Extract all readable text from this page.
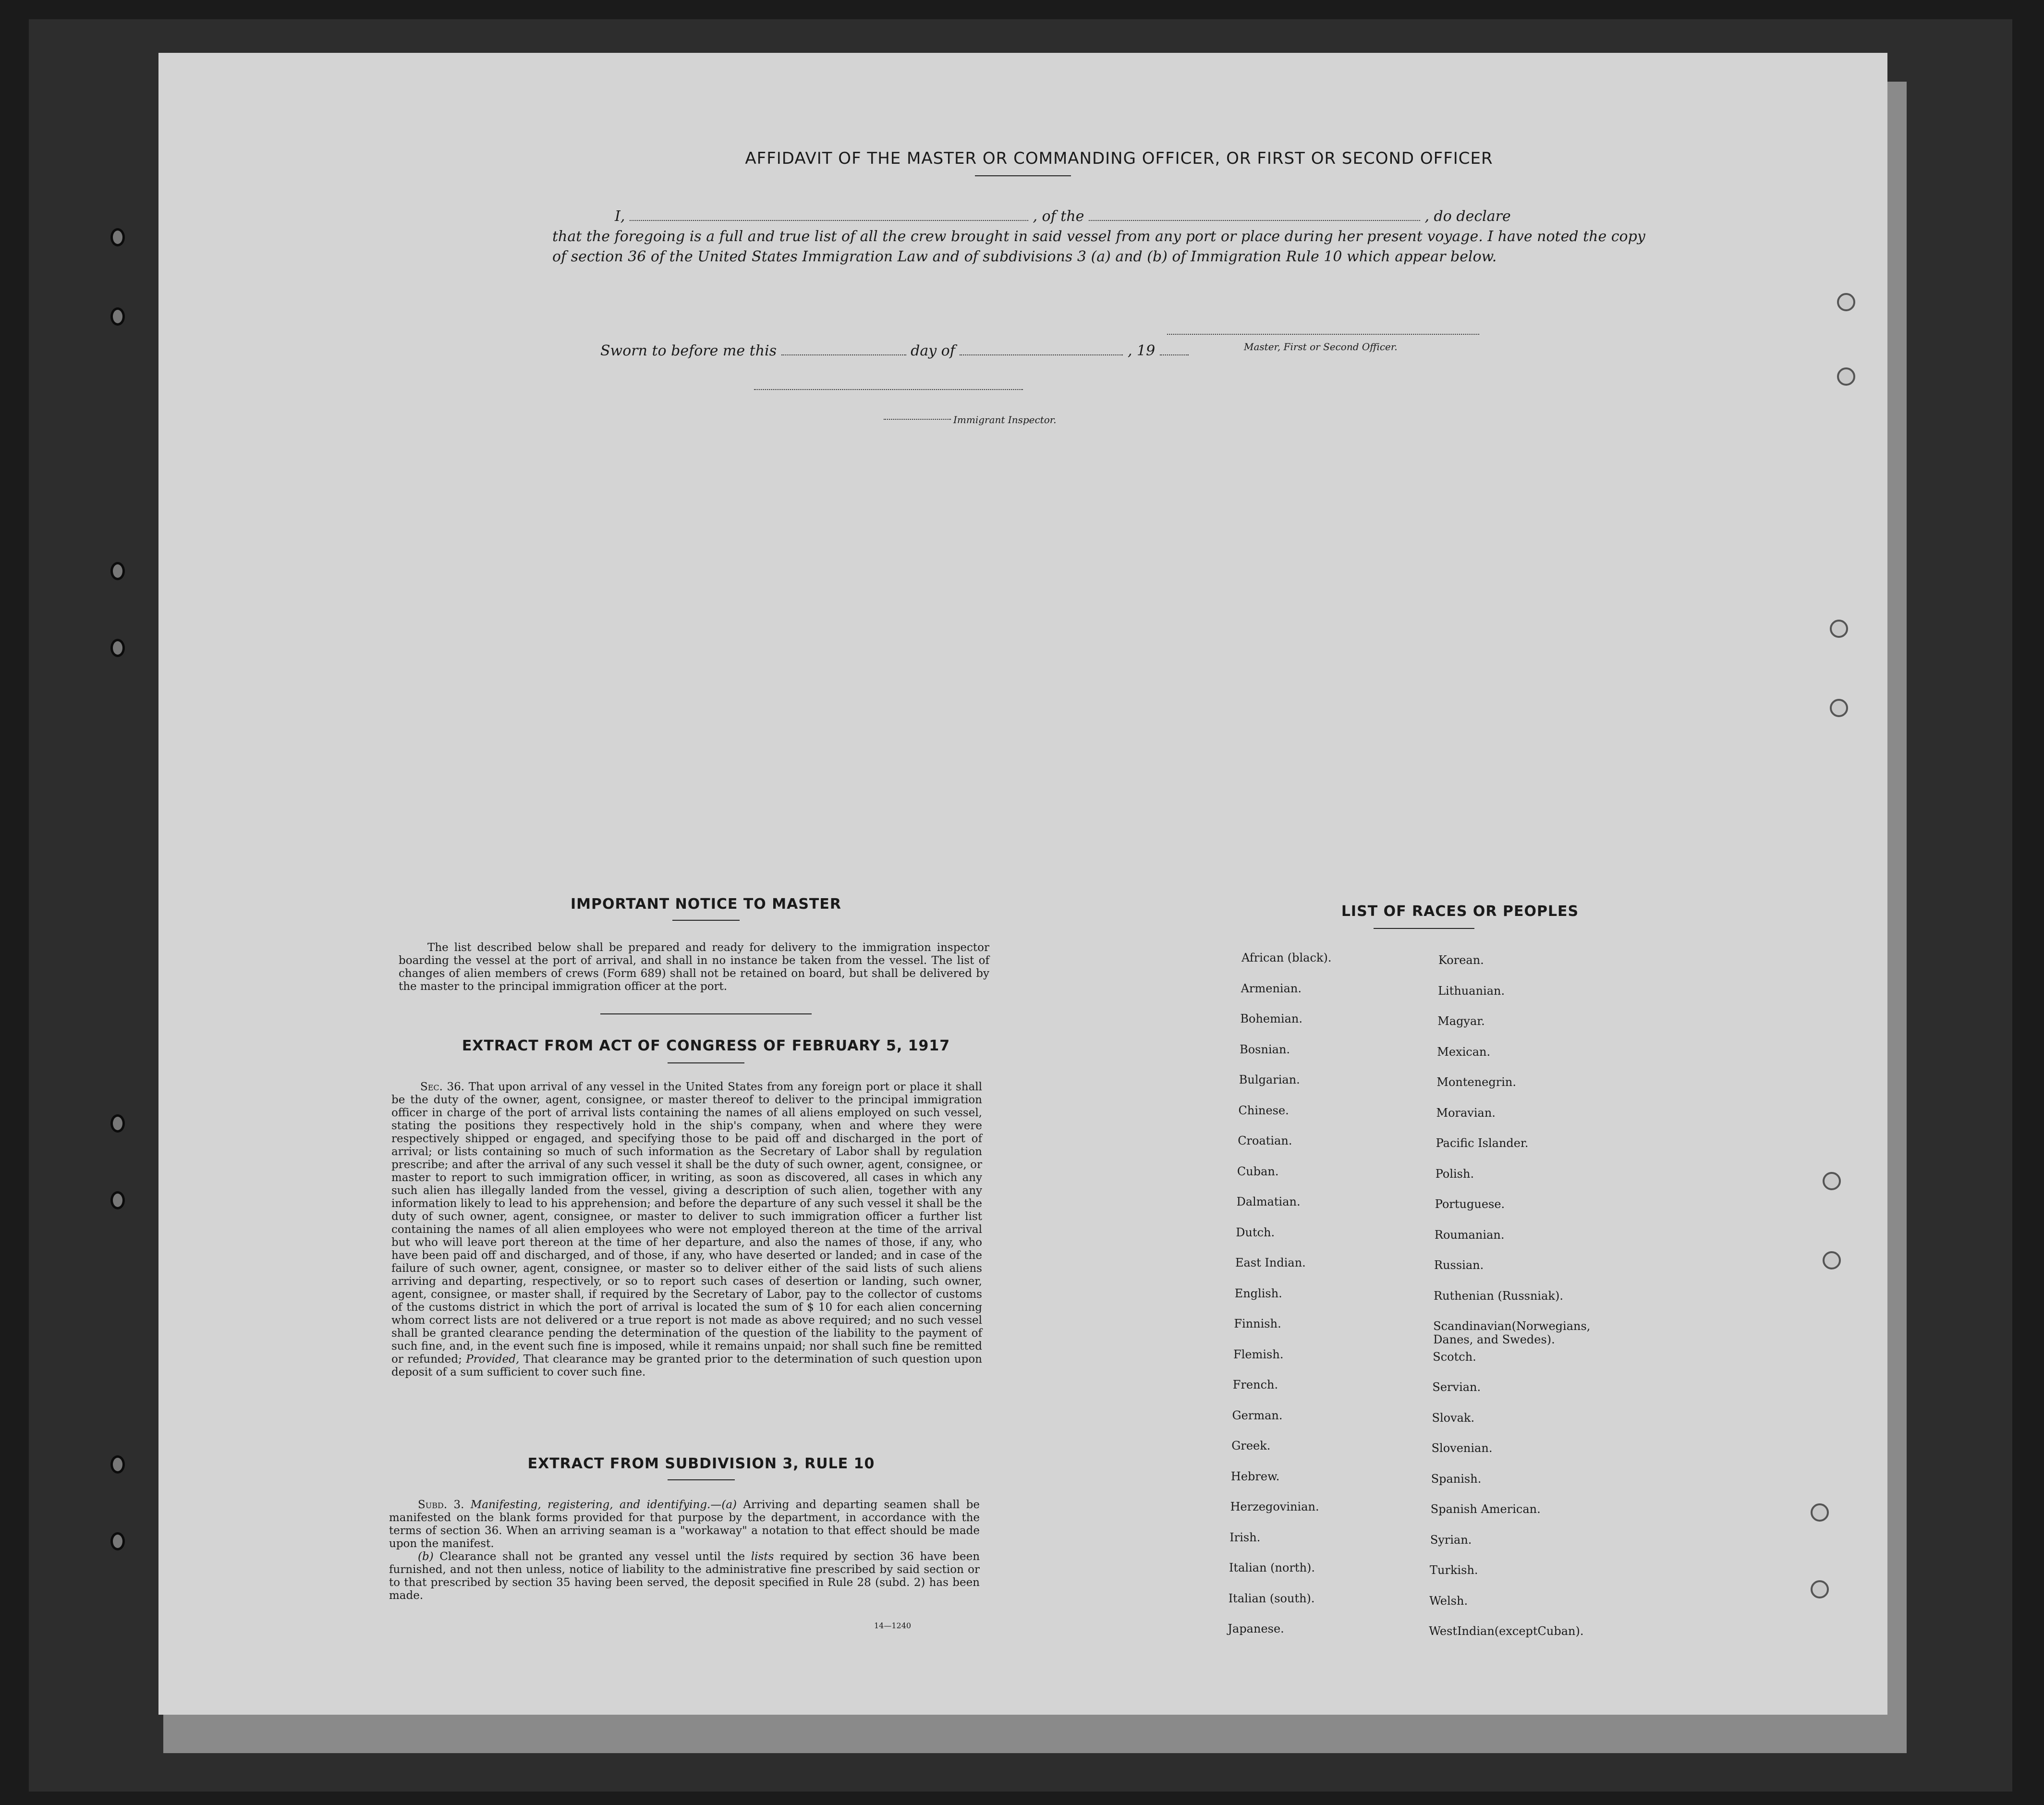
AFFIDAVIT OF THE MASTER OR COMMANDING OFFICER, OR FIRST OR SECOND OFFICER
I,	, of the	, do declare
that the foregoing is a full and true list of all the crew brought in said vessel from any port or place during her present voyage. I have noted the copy of section 36 of the United States Immigration Law and of subdivisions 3 (a) and (b) of Immigration Rule 10 which appear below.
Master, First or Second Officer.
Sworn to before me this	day of	, 19
Immigrant Inspector.
IMPORTANT NOTICE TO MASTER
The list described below shall be prepared and ready for delivery to the immigration inspector boarding the vessel at the port of arrival, and shall in no instance be taken from the vessel. The list of changes of alien members of crews (Form 689) shall not be retained on board, but shall be delivered by the master to the principal immigration officer at the port.
EXTRACT FROM ACT OF CONGRESS OF FEBRUARY 5, 1917
Sec. 36. That upon arrival of any vessel in the United States from any foreign port or place it shall be the duty of the owner, agent, consignee, or master thereof to deliver to the principal immigration officer in charge of the port of arrival lists containing the names of all aliens employed on such vessel, stating the positions they respectively hold in the ship's company, when and where they were respectively shipped or engaged, and specifying those to be paid off and discharged in the port of arrival; or lists containing so much of such information as the Secretary of Labor shall by regulation prescribe; and after the arrival of any such vessel it shall be the duty of such owner, agent, consignee, or master to report to such immigration officer, in writing, as soon as discovered, all cases in which any such alien has illegally landed from the vessel, giving a description of such alien, together with any information likely to lead to his apprehension; and before the departure of any such vessel it shall be the duty of such owner, agent, consignee, or master to deliver to such immigration officer a further list containing the names of all alien employees who were not employed thereon at the time of the arrival but who will leave port thereon at the time of her departure, and also the names of those, if any, who have been paid off and discharged, and of those, if any, who have deserted or landed; and in case of the failure of such owner, agent, consignee, or master so to deliver either of the said lists of such aliens arriving and departing, respectively, or so to report such cases of desertion or landing, such owner, agent, consignee, or master shall, if required by the Secretary of Labor, pay to the collector of customs of the customs district in which the port of arrival is located the sum of $ 10 for each alien concerning whom correct lists are not delivered or a true report is not made as above required; and no such vessel shall be granted clearance pending the determination of the question of the liability to the payment of such fine, and, in the event such fine is imposed, while it remains unpaid; nor shall such fine be remitted or refunded; Provided, That clearance may be granted prior to the determination of such question upon deposit of a sum sufficient to cover such fine.
EXTRACT FROM SUBDIVISION 3, RULE 10
Subd. 3. Manifesting, registering, and identifying.—(a) Arriving and departing seamen shall be manifested on the blank forms provided for that purpose by the department, in accordance with the terms of section 36. When an arriving seaman is a "workaway" a notation to that effect should be made upon the manifest.
(b) Clearance shall not be granted any vessel until the lists required by section 36 have been furnished, and not then unless, notice of liability to the administrative fine prescribed by said section or to that prescribed by section 35 having been served, the deposit specified in Rule 28 (subd. 2) has been made.
14—1240
LIST OF RACES OR PEOPLES
African (black).
Armenian.
Bohemian.
Bosnian.
Bulgarian.
Chinese.
Croatian.
Cuban.
Dalmatian.
Dutch.
East Indian.
English.
Finnish.
Flemish.
French.
German.
Greek.
Hebrew.
Herzegovinian.
Irish.
Italian (north).
Italian (south).
Japanese.
Korean.
Lithuanian.
Magyar.
Mexican.
Montenegrin.
Moravian.
Pacific Islander.
Polish.
Portuguese.
Roumanian.
Russian.
Ruthenian (Russniak).
Scandinavian(Norwegians,
Danes, and Swedes).
Scotch.
Servian.
Slovak.
Slovenian.
Spanish.
Spanish American.
Syrian.
Turkish.
Welsh.
WestIndian(exceptCuban).
